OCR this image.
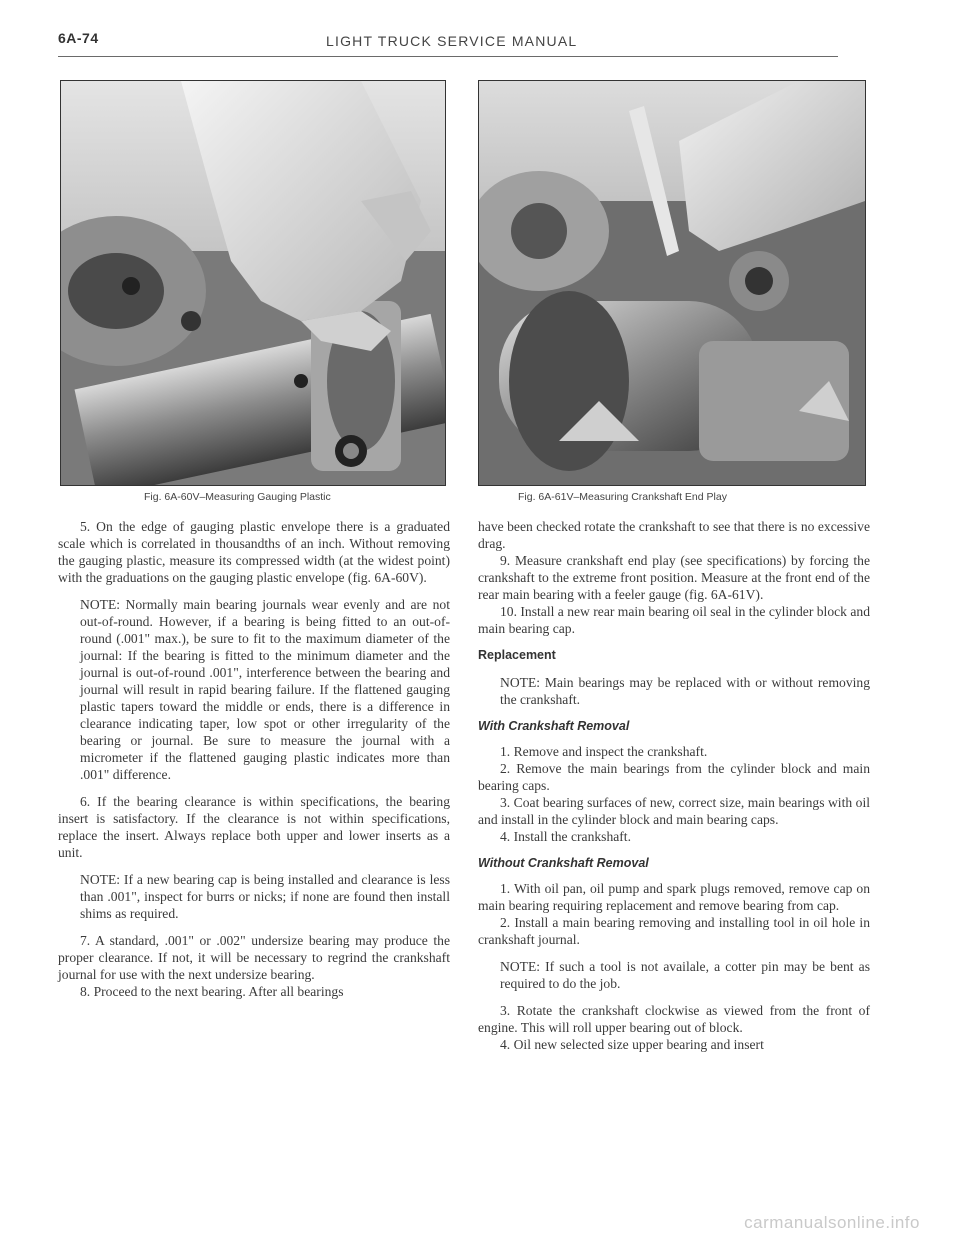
6A-74	LIGHT TRUCK SERVICE MANUAL
Fig. 6A-60V–Measuring Gauging Plastic	Fig. 6A-61V–Measuring Crankshaft End Play

5. On the edge of gauging plastic envelope there is a graduated scale which is correlated in thousandths of an inch. Without removing the gauging plastic, measure its compressed width (at the widest point) with the graduations on the gauging plastic envelope (fig. 6A-60V).

NOTE: Normally main bearing journals wear evenly and are not out-of-round. However, if a bearing is being fitted to an out-of-round (.001" max.), be sure to fit to the maximum diameter of the journal: If the bearing is fitted to the minimum diameter and the journal is out-of-round .001", interference between the bearing and journal will result in rapid bearing failure. If the flattened gauging plastic tapers toward the middle or ends, there is a difference in clearance indicating taper, low spot or other irregularity of the bearing or journal. Be sure to measure the journal with a micrometer if the flattened gauging plastic indicates more than .001" difference.

6. If the bearing clearance is within specifications, the bearing insert is satisfactory. If the clearance is not within specifications, replace the insert. Always replace both upper and lower inserts as a unit.

NOTE: If a new bearing cap is being installed and clearance is less than .001", inspect for burrs or nicks; if none are found then install shims as required.

7. A standard, .001" or .002" undersize bearing may produce the proper clearance. If not, it will be necessary to regrind the crankshaft journal for use with the next undersize bearing.

8. Proceed to the next bearing. After all bearings

have been checked rotate the crankshaft to see that there is no excessive drag.

9. Measure crankshaft end play (see specifications) by forcing the crankshaft to the extreme front position. Measure at the front end of the rear main bearing with a feeler gauge (fig. 6A-61V).

10. Install a new rear main bearing oil seal in the cylinder block and main bearing cap.

Replacement

NOTE: Main bearings may be replaced with or without removing the crankshaft.

With Crankshaft Removal

1. Remove and inspect the crankshaft.

2. Remove the main bearings from the cylinder block and main bearing caps.

3. Coat bearing surfaces of new, correct size, main bearings with oil and install in the cylinder block and main bearing caps.

4. Install the crankshaft.

Without Crankshaft Removal

1. With oil pan, oil pump and spark plugs removed, remove cap on main bearing requiring replacement and remove bearing from cap.

2. Install a main bearing removing and installing tool in oil hole in crankshaft journal.

NOTE: If such a tool is not availale, a cotter pin may be bent as required to do the job.

3. Rotate the crankshaft clockwise as viewed from the front of engine. This will roll upper bearing out of block.

4. Oil new selected size upper bearing and insert

carmanualsonline.info
